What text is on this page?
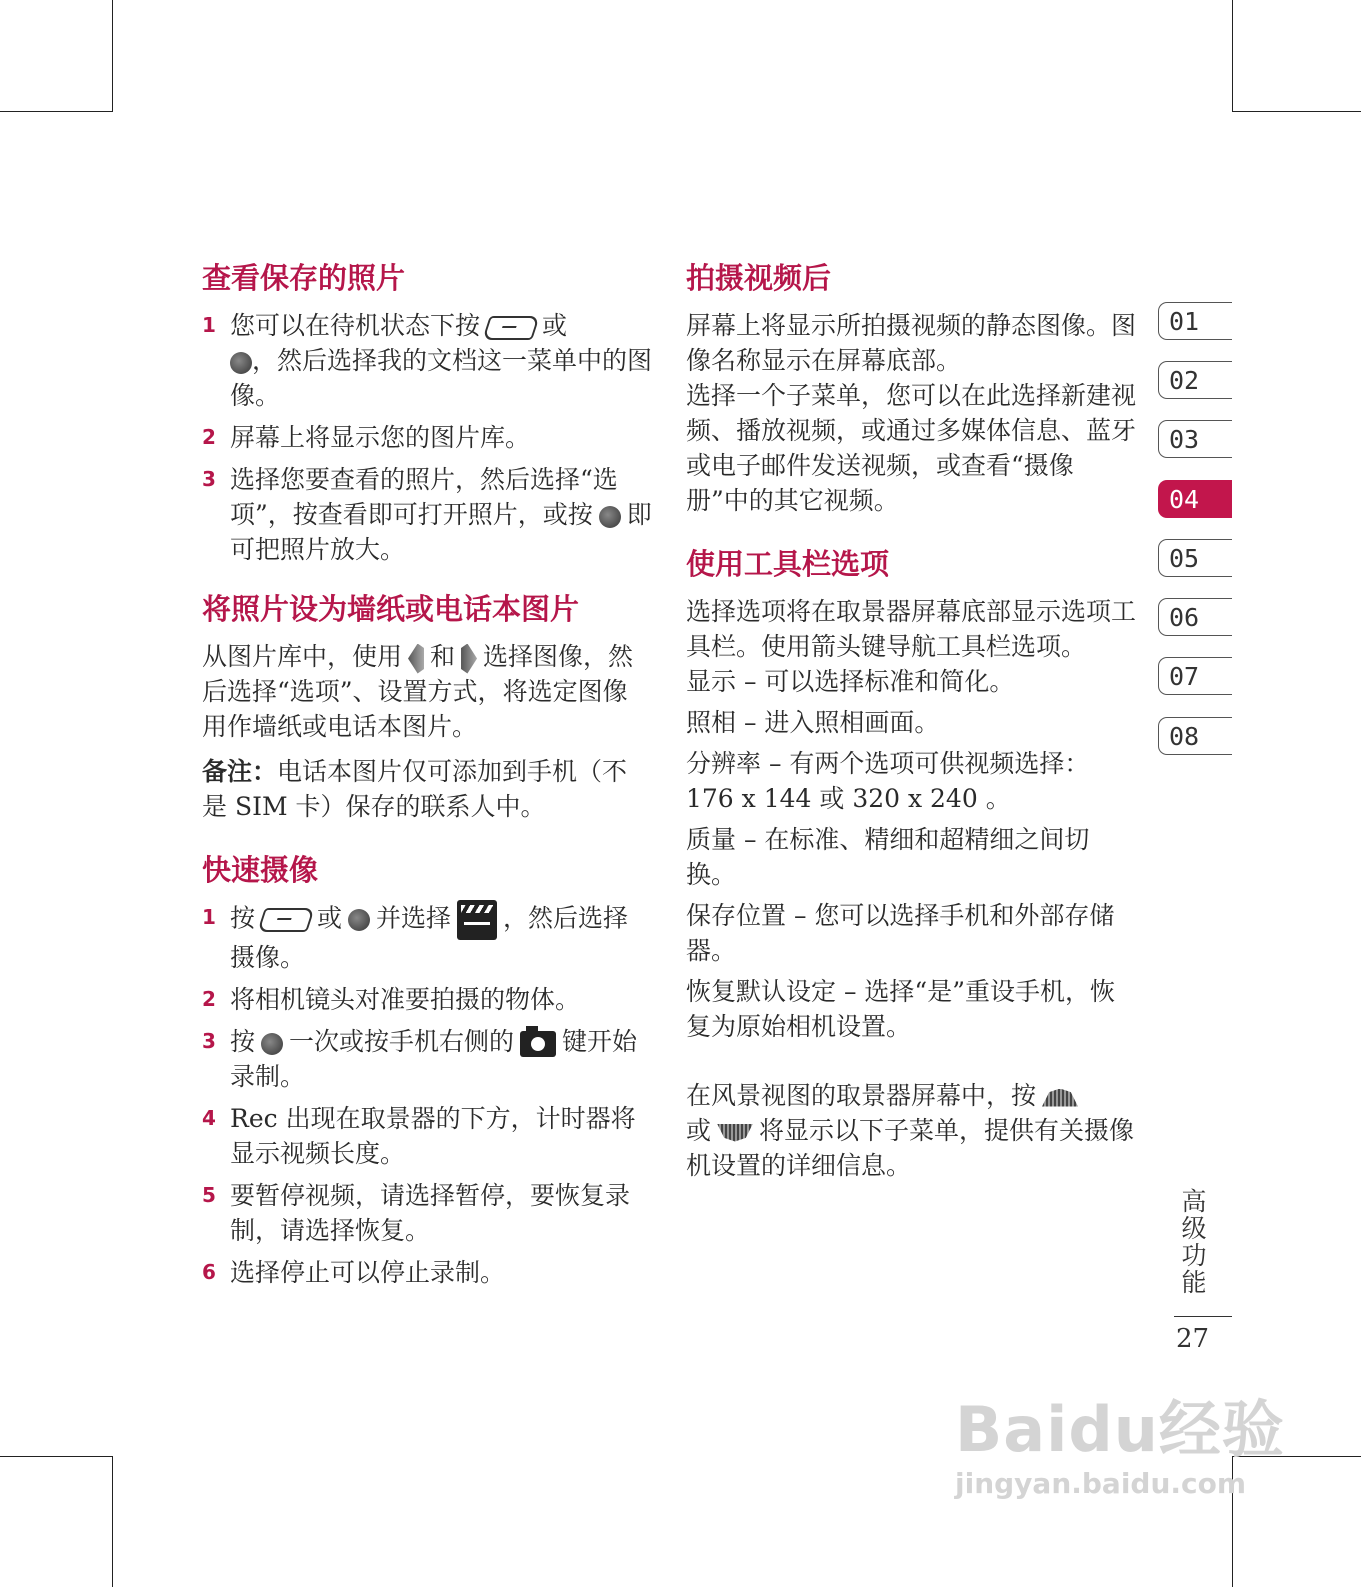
查看保存的照片
1 您可以在待机状态下按 或
，然后选择我的文档这一菜单中的图像。
2 屏幕上将显示您的图片库。
3 选择您要查看的照片，然后选择“选项”，按查看即可打开照片，或按 即可把照片放大。
将照片设为墙纸或电话本图片

从图片库中，使用 和 选择图像，然后选择“选项”、设置方式，将选定图像用作墙纸或电话本图片。

备注：电话本图片仅可添加到手机（不是 SIM 卡）保存的联系人中。

快速摄像
1 按 或 并选择 ，然后选择摄像。
2 将相机镜头对准要拍摄的物体。
3 按 一次或按手机右侧的 键开始录制。
4 Rec 出现在取景器的下方，计时器将显示视频长度。
5 要暂停视频，请选择暂停，要恢复录制，请选择恢复。
6 选择停止可以停止录制。
拍摄视频后

屏幕上将显示所拍摄视频的静态图像。图像名称显示在屏幕底部。

选择一个子菜单，您可以在此选择新建视频、播放视频，或通过多媒体信息、蓝牙或电子邮件发送视频，或查看“摄像册”中的其它视频。

使用工具栏选项

选择选项将在取景器屏幕底部显示选项工具栏。使用箭头键导航工具栏选项。

显示 – 可以选择标准和简化。

照相 – 进入照相画面。

分辨率 – 有两个选项可供视频选择：176 x 144 或 320 x 240 。

质量 – 在标准、精细和超精细之间切换。

保存位置 – 您可以选择手机和外部存储器。

恢复默认设定 – 选择“是”重设手机，恢复为原始相机设置。

在风景视图的取景器屏幕中，按
或 将显示以下子菜单，提供有关摄像机设置的详细信息。

01
02
03
04
05
06
07
08
高级功能
27
Baidu经验
jingyan.baidu.com
